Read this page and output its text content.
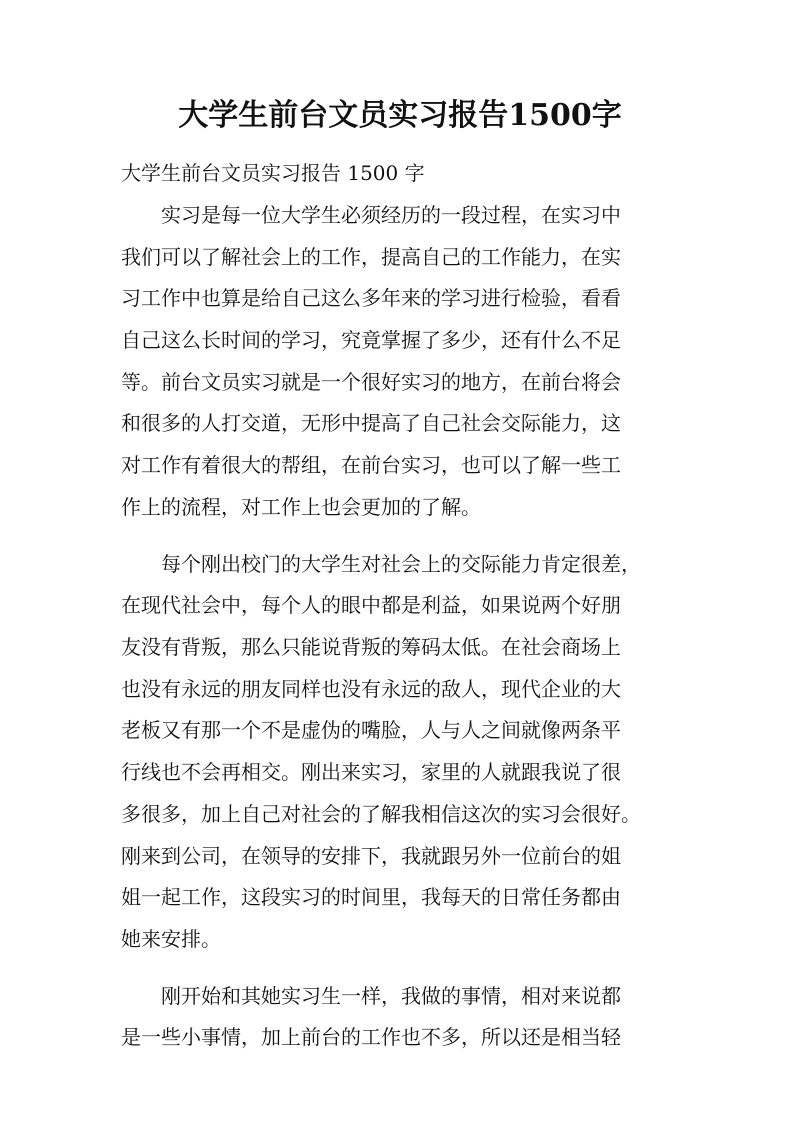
大学生前台文员实习报告1500字

大学生前台文员实习报告 1500 字

实习是每一位大学生必须经历的一段过程，在实习中
我们可以了解社会上的工作，提高自己的工作能力，在实
习工作中也算是给自己这么多年来的学习进行检验，看看
自己这么长时间的学习，究竟掌握了多少，还有什么不足
等。前台文员实习就是一个很好实习的地方，在前台将会
和很多的人打交道，无形中提高了自己社会交际能力，这
对工作有着很大的帮组，在前台实习，也可以了解一些工
作上的流程，对工作上也会更加的了解。
每个刚出校门的大学生对社会上的交际能力肯定很差，
在现代社会中，每个人的眼中都是利益，如果说两个好朋
友没有背叛，那么只能说背叛的筹码太低。在社会商场上
也没有永远的朋友同样也没有永远的敌人，现代企业的大
老板又有那一个不是虚伪的嘴脸，人与人之间就像两条平
行线也不会再相交。刚出来实习，家里的人就跟我说了很
多很多，加上自己对社会的了解我相信这次的实习会很好。
刚来到公司，在领导的安排下，我就跟另外一位前台的姐
姐一起工作，这段实习的时间里，我每天的日常任务都由
她来安排。
刚开始和其她实习生一样，我做的事情，相对来说都
是一些小事情，加上前台的工作也不多，所以还是相当轻
